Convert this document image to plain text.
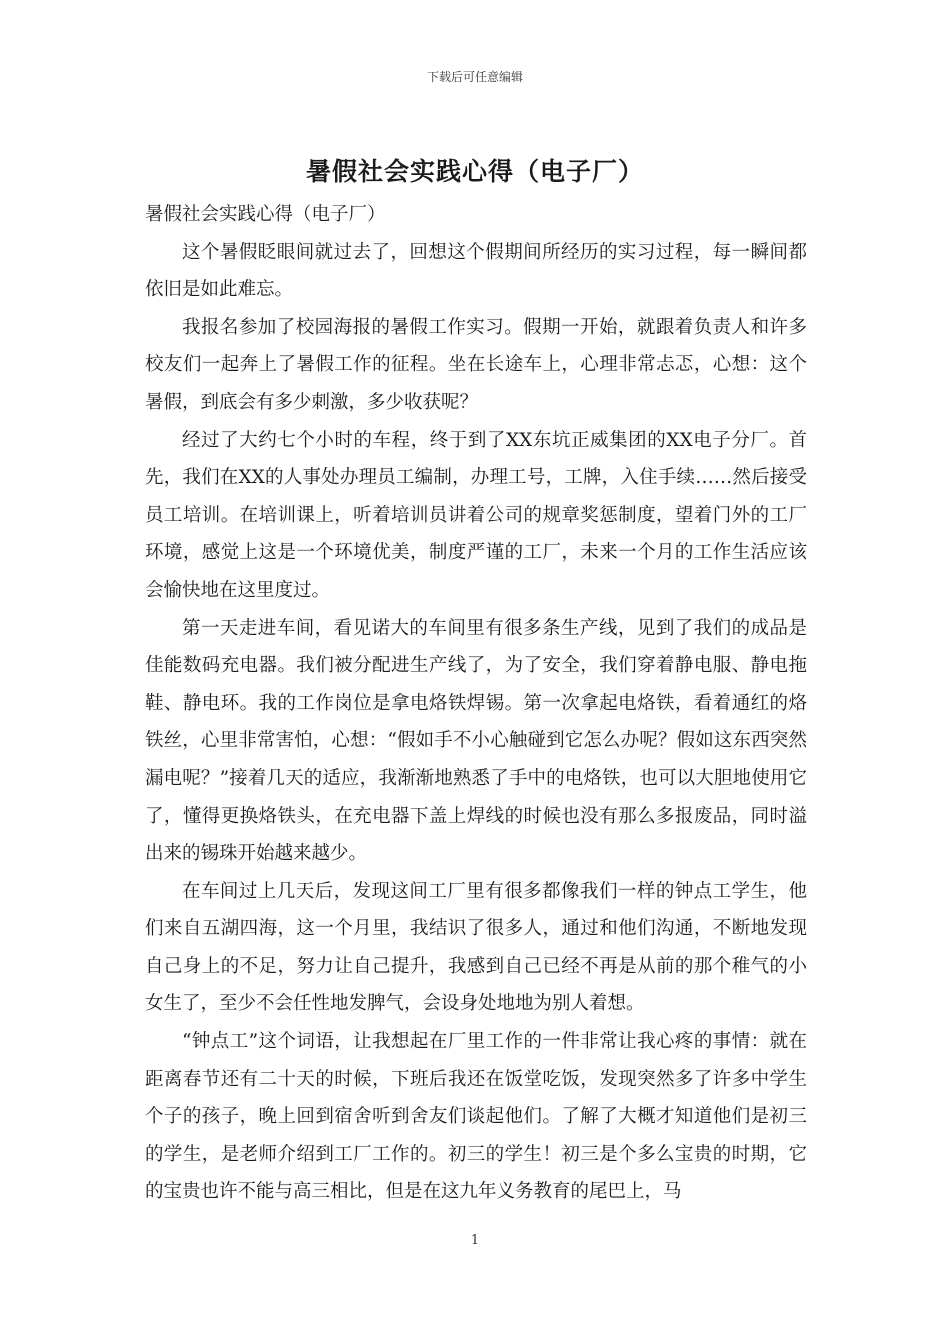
下载后可任意编辑
暑假社会实践心得（电子厂）

暑假社会实践心得（电子厂）

这个暑假眨眼间就过去了，回想这个假期间所经历的实习过程，每一瞬间都依旧是如此难忘。

我报名参加了校园海报的暑假工作实习。假期一开始，就跟着负责人和许多校友们一起奔上了暑假工作的征程。坐在长途车上，心理非常忐忑，心想：这个暑假，到底会有多少刺激，多少收获呢？

经过了大约七个小时的车程，终于到了XX东坑正威集团的XX电子分厂。首先，我们在XX的人事处办理员工编制，办理工号，工牌，入住手续……然后接受员工培训。在培训课上，听着培训员讲着公司的规章奖惩制度，望着门外的工厂环境，感觉上这是一个环境优美，制度严谨的工厂，未来一个月的工作生活应该会愉快地在这里度过。

第一天走进车间，看见诺大的车间里有很多条生产线，见到了我们的成品是佳能数码充电器。我们被分配进生产线了，为了安全，我们穿着静电服、静电拖鞋、静电环。我的工作岗位是拿电烙铁焊锡。第一次拿起电烙铁，看着通红的烙铁丝，心里非常害怕，心想：“假如手不小心触碰到它怎么办呢？假如这东西突然漏电呢？”接着几天的适应，我渐渐地熟悉了手中的电烙铁，也可以大胆地使用它了，懂得更换烙铁头，在充电器下盖上焊线的时候也没有那么多报废品，同时溢出来的锡珠开始越来越少。

在车间过上几天后，发现这间工厂里有很多都像我们一样的钟点工学生，他们来自五湖四海，这一个月里，我结识了很多人，通过和他们沟通，不断地发现自己身上的不足，努力让自己提升，我感到自己已经不再是从前的那个稚气的小女生了，至少不会任性地发脾气，会设身处地地为别人着想。

“钟点工”这个词语，让我想起在厂里工作的一件非常让我心疼的事情：就在距离春节还有二十天的时候，下班后我还在饭堂吃饭，发现突然多了许多中学生个子的孩子，晚上回到宿舍听到舍友们谈起他们。了解了大概才知道他们是初三的学生，是老师介绍到工厂工作的。初三的学生！初三是个多么宝贵的时期，它的宝贵也许不能与高三相比，但是在这九年义务教育的尾巴上，马

1
